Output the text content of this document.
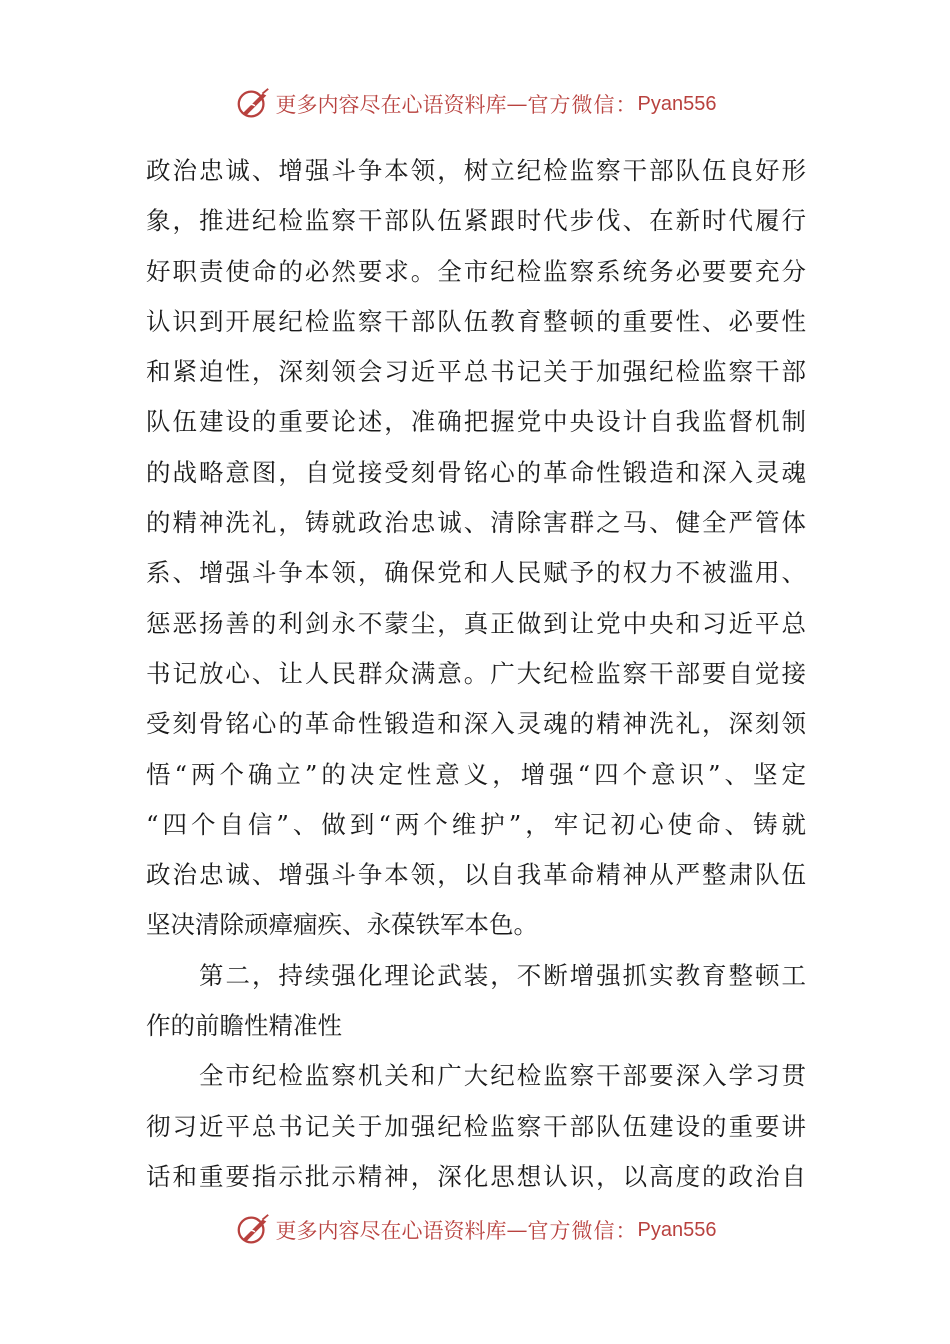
更多内容尽在心语资料库 — 官方微信： Pyan556
政治忠诚、增强斗争本领，树立纪检监察干部队伍良好形
象，推进纪检监察干部队伍紧跟时代步伐、在新时代履行
好职责使命的必然要求。全市纪检监察系统务必要要充分
认识到开展纪检监察干部队伍教育整顿的重要性、必要性
和紧迫性，深刻领会习近平总书记关于加强纪检监察干部
队伍建设的重要论述，准确把握党中央设计自我监督机制
的战略意图，自觉接受刻骨铭心的革命性锻造和深入灵魂
的精神洗礼，铸就政治忠诚、清除害群之马、健全严管体
系、增强斗争本领，确保党和人民赋予的权力不被滥用、
惩恶扬善的利剑永不蒙尘，真正做到让党中央和习近平总
书记放心、让人民群众满意。广大纪检监察干部要自觉接
受刻骨铭心的革命性锻造和深入灵魂的精神洗礼，深刻领
悟“两个确立”的决定性意义，增强“四个意识”、坚定
“四个自信”、做到“两个维护”，牢记初心使命、铸就
政治忠诚、增强斗争本领，以自我革命精神从严整肃队伍
坚决清除顽瘴痼疾、永葆铁军本色。
第二，持续强化理论武装，不断增强抓实教育整顿工
作的前瞻性精准性
全市纪检监察机关和广大纪检监察干部要深入学习贯
彻习近平总书记关于加强纪检监察干部队伍建设的重要讲
话和重要指示批示精神，深化思想认识，以高度的政治自
更多内容尽在心语资料库 — 官方微信： Pyan556
